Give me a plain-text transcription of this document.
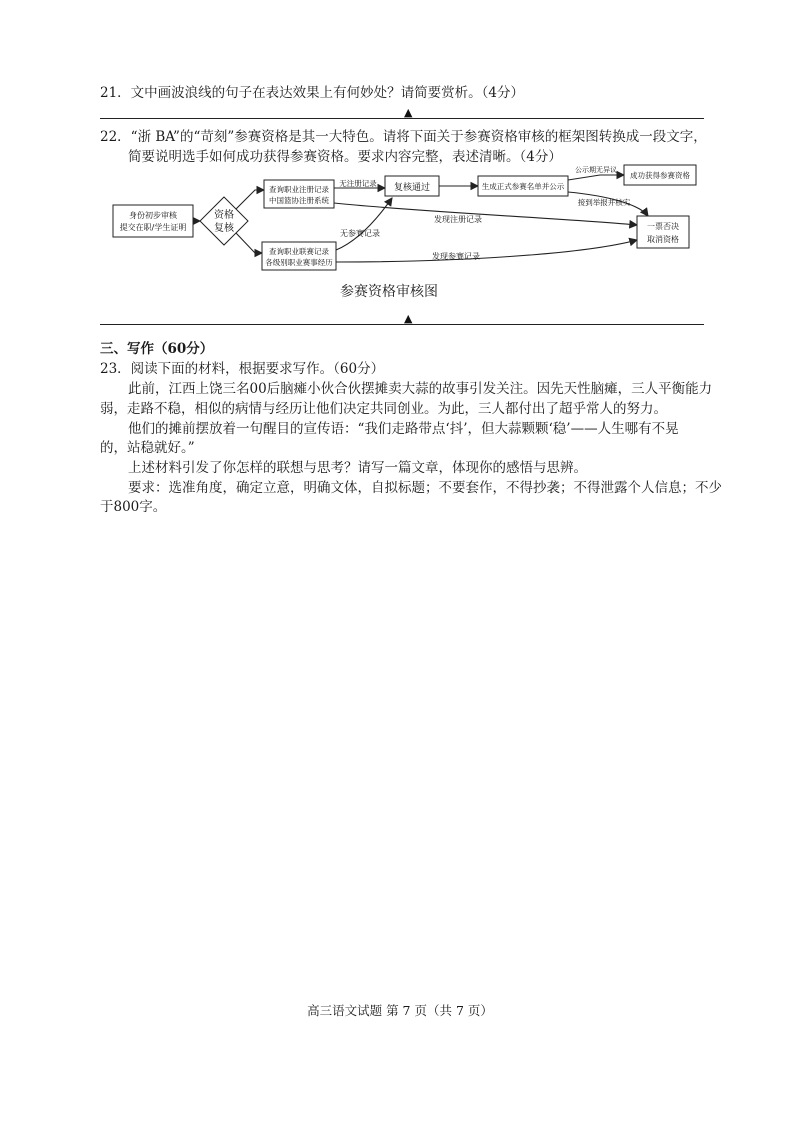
21．文中画波浪线的句子在表达效果上有何妙处？请简要赏析。（4分）
▲
22．“浙 BA”的“苛刻”参赛资格是其一大特色。请将下面关于参赛资格审核的框架图转换成一段文字，
简要说明选手如何成功获得参赛资格。要求内容完整，表述清晰。（4分）
身份初步审核
提交在职/学生证明
资格
复核
查询职业注册记录
中国篮协注册系统
查询职业联赛记录
各级别职业赛事经历
无注册记录
无参赛记录
复核通过	生成正式参赛名单并公示
公示期无异议
成功获得参赛资格
接到举报并核实
发现注册记录
发现参赛记录
一票否决
取消资格
参赛资格审核图
▲
三、写作（60分）
23．阅读下面的材料，根据要求写作。（60分）
此前，江西上饶三名00后脑瘫小伙合伙摆摊卖大蒜的故事引发关注。因先天性脑瘫，三人平衡能力
弱，走路不稳，相似的病情与经历让他们决定共同创业。为此，三人都付出了超乎常人的努力。
他们的摊前摆放着一句醒目的宣传语：“我们走路带点‘抖’，但大蒜颗颗‘稳’——人生哪有不晃
的，站稳就好。”
上述材料引发了你怎样的联想与思考？请写一篇文章，体现你的感悟与思辨。
要求：选准角度，确定立意，明确文体，自拟标题；不要套作，不得抄袭；不得泄露个人信息；不少
于800字。
高三语文试题 第 7 页（共 7 页）
